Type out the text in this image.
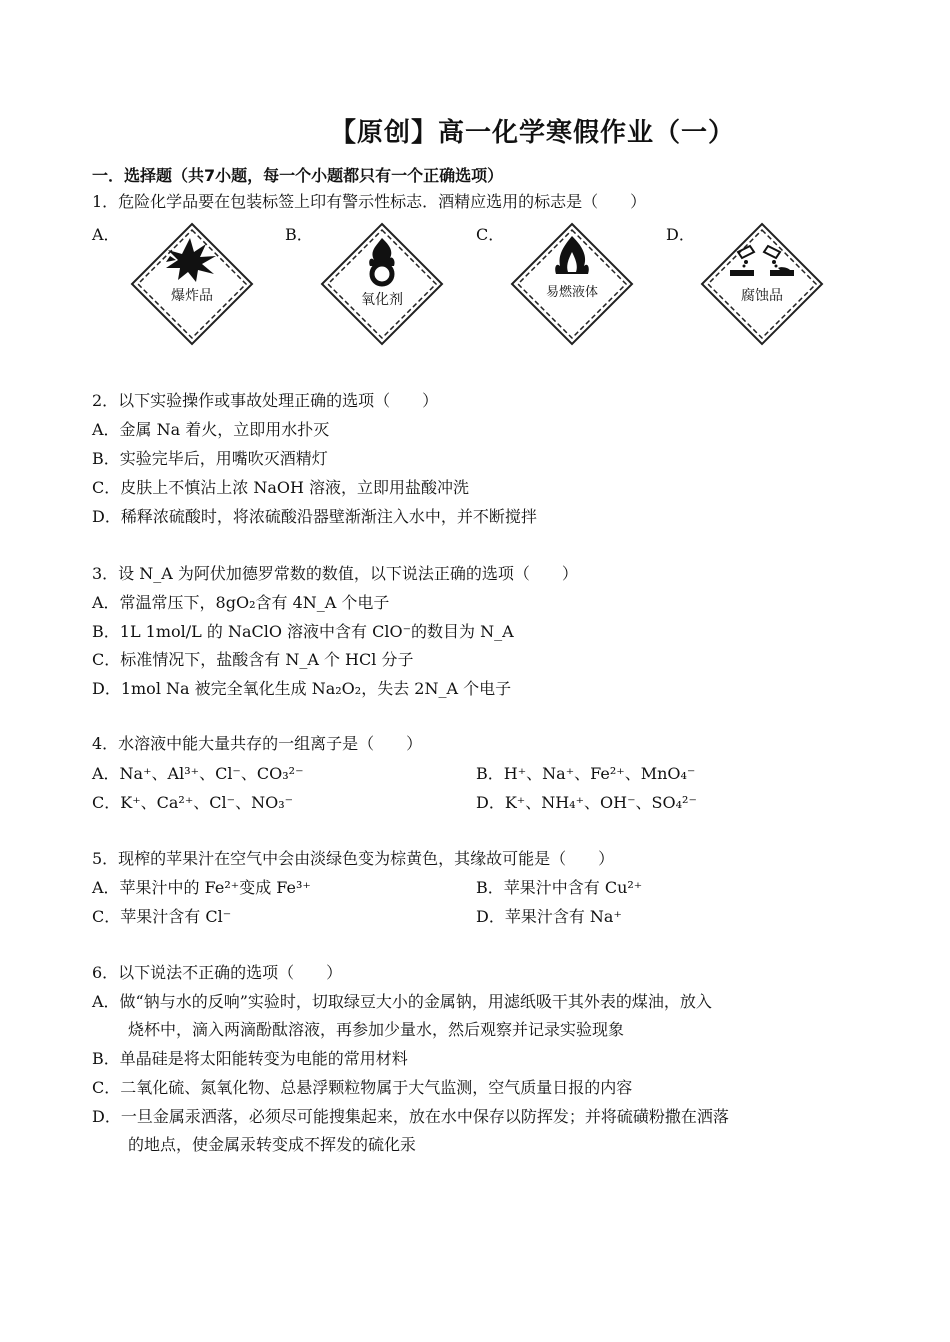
【原创】高一化学寒假作业（一）
一．选择题（共7小题，每一个小题都只有一个正确选项）
1．危险化学品要在包装标签上印有警示性标志．酒精应选用的标志是（　　）
A．
爆炸品
B．
氧化剂
C．
易燃液体
D．
腐蚀品
2．以下实验操作或事故处理正确的选项（　　）
A．金属 Na 着火，立即用水扑灭
B．实验完毕后，用嘴吹灭酒精灯
C．皮肤上不慎沾上浓 NaOH 溶液，立即用盐酸冲洗
D．稀释浓硫酸时，将浓硫酸沿器壁渐渐注入水中，并不断搅拌
3．设 N_A 为阿伏加德罗常数的数值，以下说法正确的选项（　　）
A．常温常压下，8gO₂含有 4N_A 个电子
B．1L 1mol/L 的 NaClO 溶液中含有 ClO⁻的数目为 N_A
C．标准情况下，盐酸含有 N_A 个 HCl 分子
D．1mol Na 被完全氧化生成 Na₂O₂，失去 2N_A 个电子
4．水溶液中能大量共存的一组离子是（　　）
A．Na⁺、Al³⁺、Cl⁻、CO₃²⁻	B．H⁺、Na⁺、Fe²⁺、MnO₄⁻
C．K⁺、Ca²⁺、Cl⁻、NO₃⁻	D．K⁺、NH₄⁺、OH⁻、SO₄²⁻
5．现榨的苹果汁在空气中会由淡绿色变为棕黄色，其缘故可能是（　　）
A．苹果汁中的 Fe²⁺变成 Fe³⁺	B．苹果汁中含有 Cu²⁺
C．苹果汁含有 Cl⁻	D．苹果汁含有 Na⁺
6．以下说法不正确的选项（　　）
A．做“钠与水的反响”实验时，切取绿豆大小的金属钠，用滤纸吸干其外表的煤油，放入
烧杯中，滴入两滴酚酞溶液，再参加少量水，然后观察并记录实验现象
B．单晶硅是将太阳能转变为电能的常用材料
C．二氧化硫、氮氧化物、总悬浮颗粒物属于大气监测，空气质量日报的内容
D．一旦金属汞洒落，必须尽可能搜集起来，放在水中保存以防挥发；并将硫磺粉撒在洒落
的地点，使金属汞转变成不挥发的硫化汞
